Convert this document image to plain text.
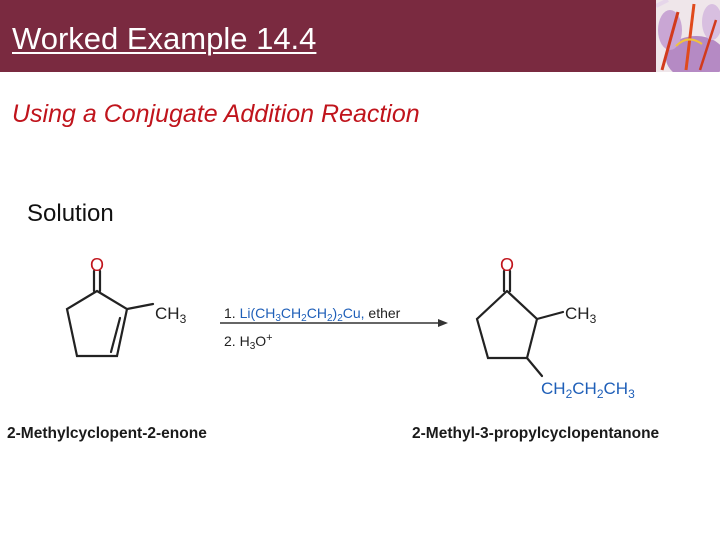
Worked Example 14.4
Using a Conjugate Addition Reaction
Solution
O
$CH_3$	1. $Li(CH_3CH_2CH_2)_2Cu$, ether
2. $H_3O^+$
O
$CH_3$
$CH_2CH_2CH_3$
2-Methylcyclopent-2-enone	2-Methyl-3-propylcyclopentanone
